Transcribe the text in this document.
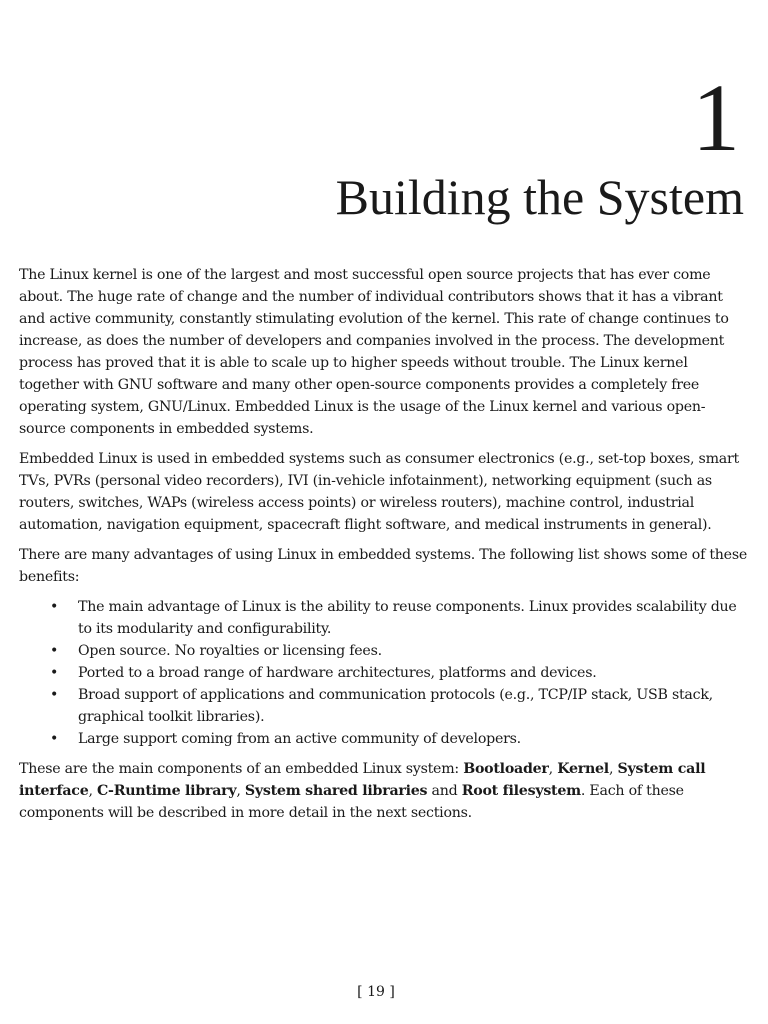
1
Building the System

The Linux kernel is one of the largest and most successful open source projects that has ever come about. The huge rate of change and the number of individual contributors shows that it has a vibrant and active community, constantly stimulating evolution of the kernel. This rate of change continues to increase, as does the number of developers and companies involved in the process. The development process has proved that it is able to scale up to higher speeds without trouble. The Linux kernel together with GNU software and many other open-source components provides a completely free operating system, GNU/Linux. Embedded Linux is the usage of the Linux kernel and various open-source components in embedded systems.

Embedded Linux is used in embedded systems such as consumer electronics (e.g., set-top boxes, smart TVs, PVRs (personal video recorders), IVI (in-vehicle infotainment), networking equipment (such as routers, switches, WAPs (wireless access points) or wireless routers), machine control, industrial automation, navigation equipment, spacecraft flight software, and medical instruments in general).

There are many advantages of using Linux in embedded systems. The following list shows some of these benefits:

• The main advantage of Linux is the ability to reuse components. Linux provides scalability due to its modularity and configurability.
• Open source. No royalties or licensing fees.
• Ported to a broad range of hardware architectures, platforms and devices.
• Broad support of applications and communication protocols (e.g., TCP/IP stack, USB stack, graphical toolkit libraries).
• Large support coming from an active community of developers.

These are the main components of an embedded Linux system: Bootloader, Kernel, System call interface, C-Runtime library, System shared libraries and Root filesystem. Each of these components will be described in more detail in the next sections.

[ 19 ]
